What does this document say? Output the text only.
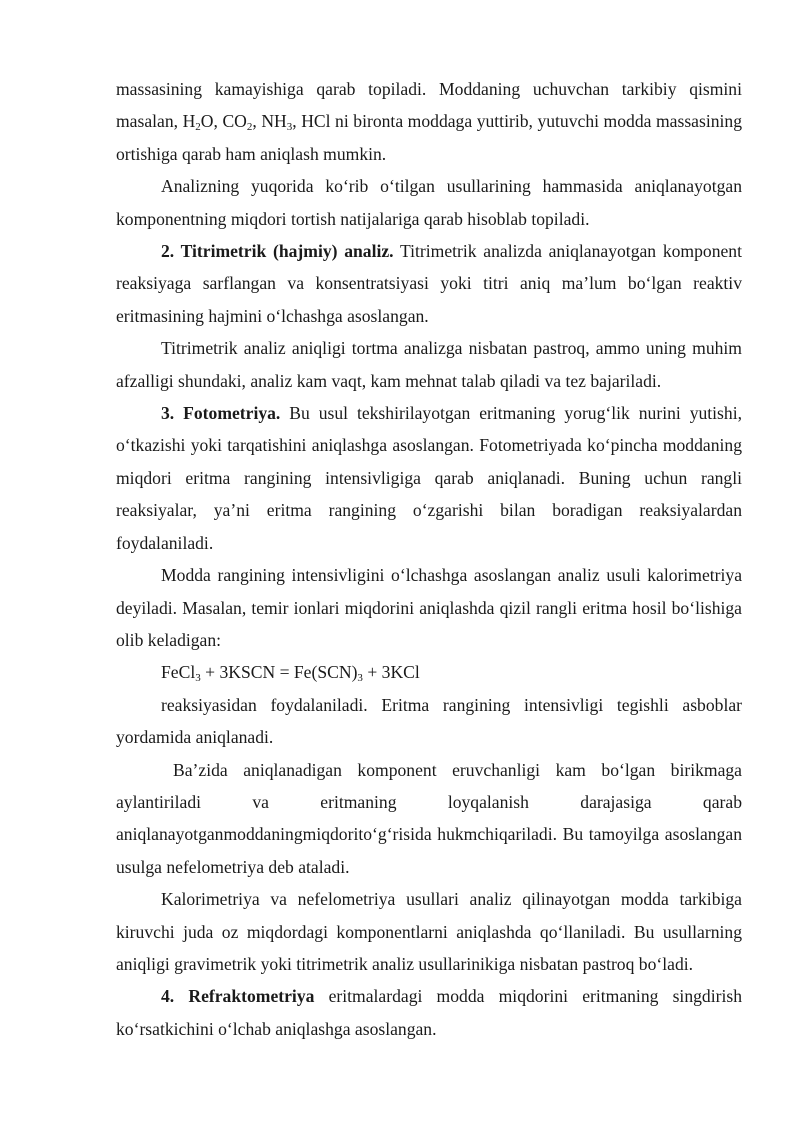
massasining kamayishiga qarab topiladi. Moddaning uchuvchan tarkibiy qismini masalan, $H_2O$, $CO_2$, $NH_3$, HCl ni bironta moddaga yuttirib, yutuvchi modda massasining ortishiga qarab ham aniqlash mumkin.

Analizning yuqorida ko‘rib o‘tilgan usullarining hammasida aniqlanayotgan komponentning miqdori tortish natijalariga qarab hisoblab topiladi.

2. Titrimetrik (hajmiy) analiz. Titrimetrik analizda aniqlanayotgan komponent reaksiyaga sarflangan va konsentratsiyasi yoki titri aniq ma’lum bo‘lgan reaktiv eritmasining hajmini o‘lchashga asoslangan.

Titrimetrik analiz aniqligi tortma analizga nisbatan pastroq, ammo uning muhim afzalligi shundaki, analiz kam vaqt, kam mehnat talab qiladi va tez bajariladi.

3. Fotometriya. Bu usul tekshirilayotgan eritmaning yorug‘lik nurini yutishi, o‘tkazishi yoki tarqatishini aniqlashga asoslangan. Fotometriyada ko‘pincha moddaning miqdori eritma rangining intensivligiga qarab aniqlanadi. Buning uchun rangli reaksiyalar, ya’ni eritma rangining o‘zgarishi bilan boradigan reaksiyalardan foydalaniladi.

Modda rangining intensivligini o‘lchashga asoslangan analiz usuli kalorimetriya deyiladi. Masalan, temir ionlari miqdorini aniqlashda qizil rangli eritma hosil bo‘lishiga olib keladigan:

FeCl$_3$ + 3KSCN = $Fe(SCN)_3 + 3KCl$

reaksiyasidan foydalaniladi. Eritma rangining intensivligi tegishli asboblar yordamida aniqlanadi.

Ba’zida aniqlanadigan komponent eruvchanligi kam bo‘lgan birikmaga aylantiriladi va eritmaning loyqalanish darajasiga qarab aniqlanayotganmoddaningmiqdorito‘g‘risida hukmchiqariladi. Bu tamoyilga asoslangan usulga nefelometriya deb ataladi.

Kalorimetriya va nefelometriya usullari analiz qilinayotgan modda tarkibiga kiruvchi juda oz miqdordagi komponentlarni aniqlashda qo‘llaniladi. Bu usullarning aniqligi gravimetrik yoki titrimetrik analiz usullarinikiga nisbatan pastroq bo‘ladi.

4. Refraktometriya eritmalardagi modda miqdorini eritmaning singdirish ko‘rsatkichini o‘lchab aniqlashga asoslangan.
